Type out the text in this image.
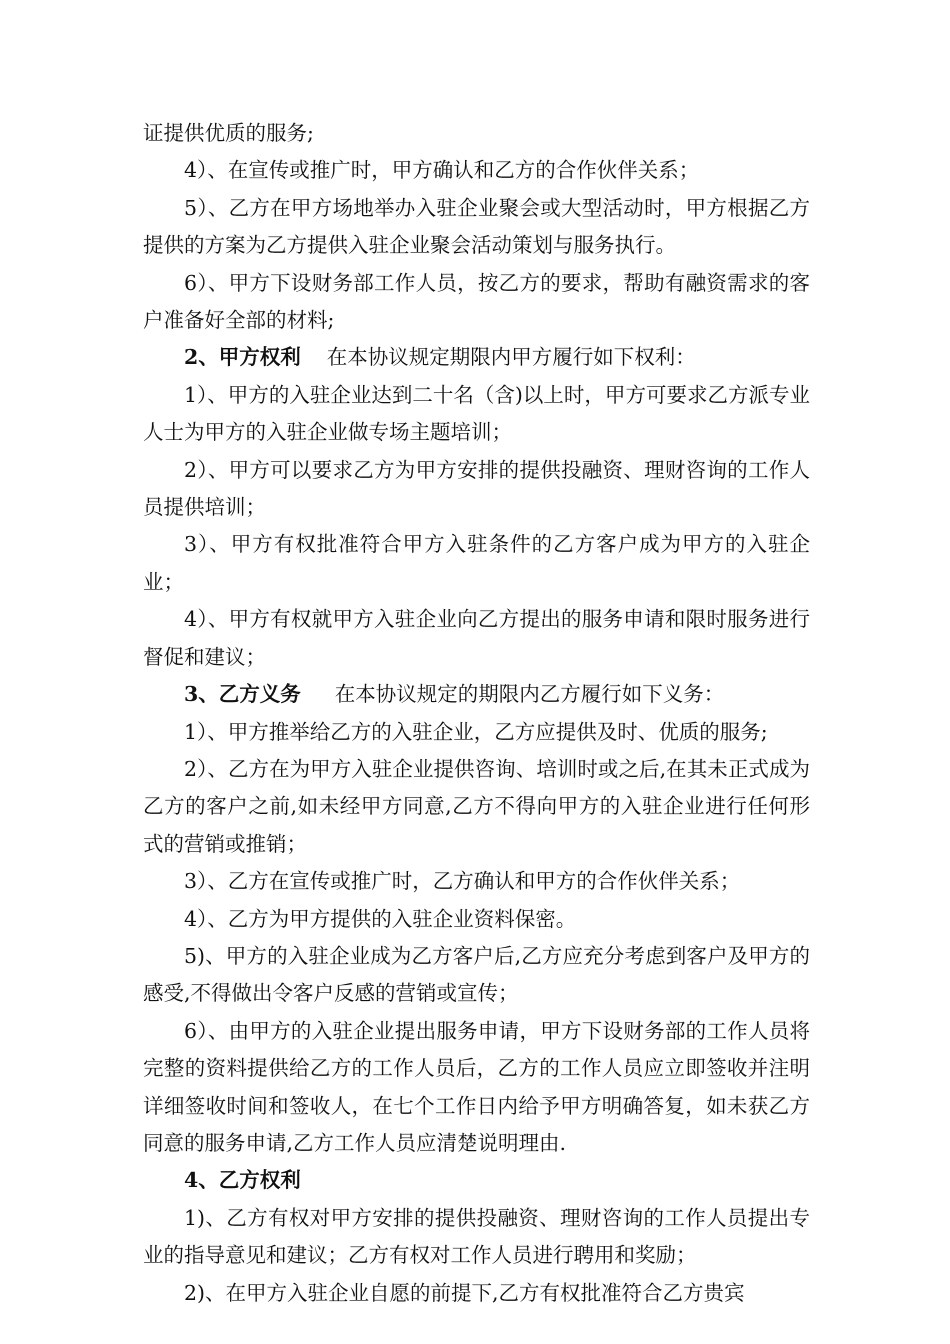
证提供优质的服务;

4）、在宣传或推广时，甲方确认和乙方的合作伙伴关系；

5）、乙方在甲方场地举办入驻企业聚会或大型活动时，甲方根据乙方提供的方案为乙方提供入驻企业聚会活动策划与服务执行。

6）、甲方下设财务部工作人员，按乙方的要求，帮助有融资需求的客户准备好全部的材料;

2、甲方权利 在本协议规定期限内甲方履行如下权利：

1）、甲方的入驻企业达到二十名（含)以上时，甲方可要求乙方派专业人士为甲方的入驻企业做专场主题培训；

2）、甲方可以要求乙方为甲方安排的提供投融资、理财咨询的工作人员提供培训；

3）、甲方有权批准符合甲方入驻条件的乙方客户成为甲方的入驻企业；

4）、甲方有权就甲方入驻企业向乙方提出的服务申请和限时服务进行督促和建议；

3、乙方义务 在本协议规定的期限内乙方履行如下义务：

1）、甲方推举给乙方的入驻企业，乙方应提供及时、优质的服务;

2）、乙方在为甲方入驻企业提供咨询、培训时或之后,在其未正式成为乙方的客户之前,如未经甲方同意,乙方不得向甲方的入驻企业进行任何形式的营销或推销；

3）、乙方在宣传或推广时，乙方确认和甲方的合作伙伴关系；

4）、乙方为甲方提供的入驻企业资料保密。

5)、甲方的入驻企业成为乙方客户后,乙方应充分考虑到客户及甲方的感受,不得做出令客户反感的营销或宣传；

6）、由甲方的入驻企业提出服务申请，甲方下设财务部的工作人员将完整的资料提供给乙方的工作人员后，乙方的工作人员应立即签收并注明详细签收时间和签收人，在七个工作日内给予甲方明确答复，如未获乙方同意的服务申请,乙方工作人员应清楚说明理由.

4、乙方权利

1)、乙方有权对甲方安排的提供投融资、理财咨询的工作人员提出专业的指导意见和建议；乙方有权对工作人员进行聘用和奖励；

2)、在甲方入驻企业自愿的前提下,乙方有权批准符合乙方贵宾
